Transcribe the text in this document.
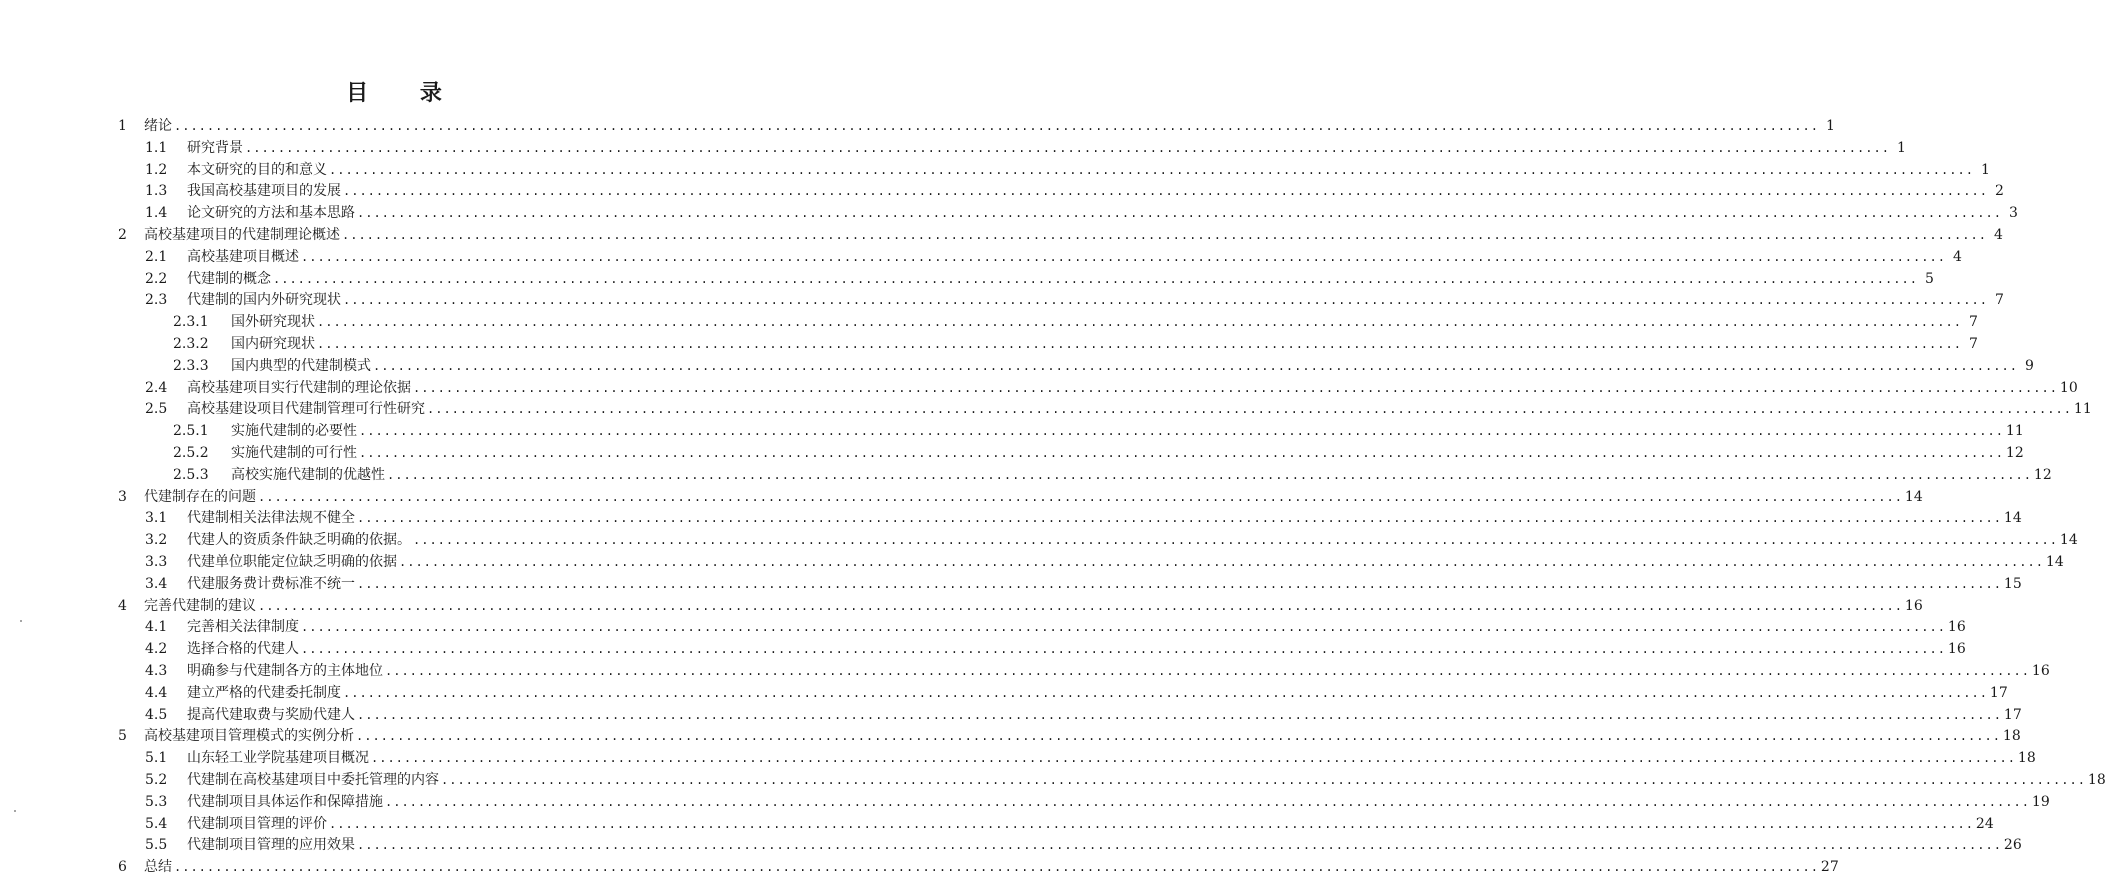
目 录
1	绪论 ........................................................................................................................................................................................................ 1
1.1	研究背景 ........................................................................................................................................................................................................ 1
1.2	本文研究的目的和意义 ........................................................................................................................................................................................................ 1
1.3	我国高校基建项目的发展 ........................................................................................................................................................................................................ 2
1.4	论文研究的方法和基本思路 ........................................................................................................................................................................................................ 3
2	高校基建项目的代建制理论概述 ........................................................................................................................................................................................................ 4
2.1	高校基建项目概述 ........................................................................................................................................................................................................ 4
2.2	代建制的概念 ........................................................................................................................................................................................................ 5
2.3	代建制的国内外研究现状 ........................................................................................................................................................................................................ 7
2.3.1	国外研究现状 ........................................................................................................................................................................................................ 7
2.3.2	国内研究现状 ........................................................................................................................................................................................................ 7
2.3.3	国内典型的代建制模式 ........................................................................................................................................................................................................ 9
2.4	高校基建项目实行代建制的理论依据 ........................................................................................................................................................................................................ 10
2.5	高校基建设项目代建制管理可行性研究 ........................................................................................................................................................................................................ 11
2.5.1	实施代建制的必要性 ........................................................................................................................................................................................................ 11
2.5.2	实施代建制的可行性 ........................................................................................................................................................................................................ 12
2.5.3	高校实施代建制的优越性 ........................................................................................................................................................................................................ 12
3	代建制存在的问题 ........................................................................................................................................................................................................ 14
3.1	代建制相关法律法规不健全 ........................................................................................................................................................................................................ 14
3.2	代建人的资质条件缺乏明确的依据。 ........................................................................................................................................................................................................ 14
3.3	代建单位职能定位缺乏明确的依据 ........................................................................................................................................................................................................ 14
3.4	代建服务费计费标准不统一 ........................................................................................................................................................................................................ 15
4	完善代建制的建议 ........................................................................................................................................................................................................ 16
4.1	完善相关法律制度 ........................................................................................................................................................................................................ 16
4.2	选择合格的代建人 ........................................................................................................................................................................................................ 16
4.3	明确参与代建制各方的主体地位 ........................................................................................................................................................................................................ 16
4.4	建立严格的代建委托制度 ........................................................................................................................................................................................................ 17
4.5	提高代建取费与奖励代建人 ........................................................................................................................................................................................................ 17
5	高校基建项目管理模式的实例分析 ........................................................................................................................................................................................................ 18
5.1	山东轻工业学院基建项目概况 ........................................................................................................................................................................................................ 18
5.2	代建制在高校基建项目中委托管理的内容 ........................................................................................................................................................................................................ 18
5.3	代建制项目具体运作和保障措施 ........................................................................................................................................................................................................ 19
5.4	代建制项目管理的评价 ........................................................................................................................................................................................................ 24
5.5	代建制项目管理的应用效果 ........................................................................................................................................................................................................ 26
6	总结 ........................................................................................................................................................................................................ 27
